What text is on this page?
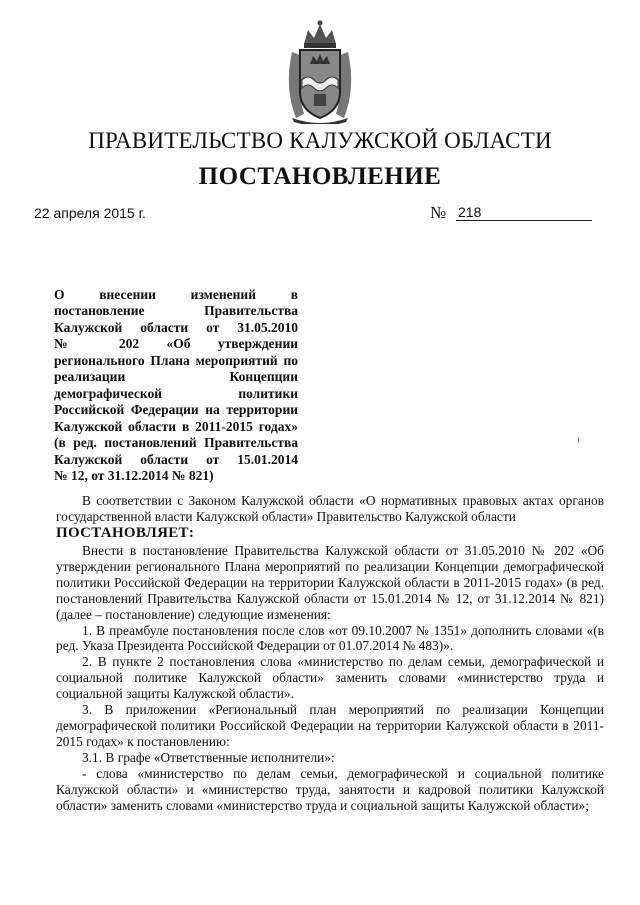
ПРАВИТЕЛЬСТВО КАЛУЖСКОЙ ОБЛАСТИ
ПОСТАНОВЛЕНИЕ
22 апреля 2015 г.	№ 218
О внесении изменений в
постановление Правительства
Калужской области от 31.05.2010
№ 202 «Об утверждении
регионального Плана мероприятий по
реализации Концепции
демографической политики
Российской Федерации на территории
Калужской области в 2011-2015 годах»
(в ред. постановлений Правительства
Калужской области от 15.01.2014
№ 12, от 31.12.2014 № 821)

В соответствии с Законом Калужской области «О нормативных правовых актах органов государственной власти Калужской области» Правительство Калужской области

ПОСТАНОВЛЯЕТ:

Внести в постановление Правительства Калужской области от 31.05.2010 № 202 «Об утверждении регионального Плана мероприятий по реализации Концепции демографической политики Российской Федерации на территории Калужской области в 2011-2015 годах» (в ред. постановлений Правительства Калужской области от 15.01.2014 № 12, от 31.12.2014 № 821) (далее – постановление) следующие изменения:

1. В преамбуле постановления после слов «от 09.10.2007 № 1351» дополнить словами «(в ред. Указа Президента Российской Федерации от 01.07.2014 № 483)».

2. В пункте 2 постановления слова «министерство по делам семьи, демографической и социальной политике Калужской области» заменить словами «министерство труда и социальной защиты Калужской области».

3. В приложении «Региональный план мероприятий по реализации Концепции демографической политики Российской Федерации на территории Калужской области в 2011-2015 годах» к постановлению:

3.1. В графе «Ответственные исполнители»:

- слова «министерство по делам семьи, демографической и социальной политике Калужской области» и «министерство труда, занятости и кадровой политики Калужской области» заменить словами «министерство труда и социальной защиты Калужской области»;
